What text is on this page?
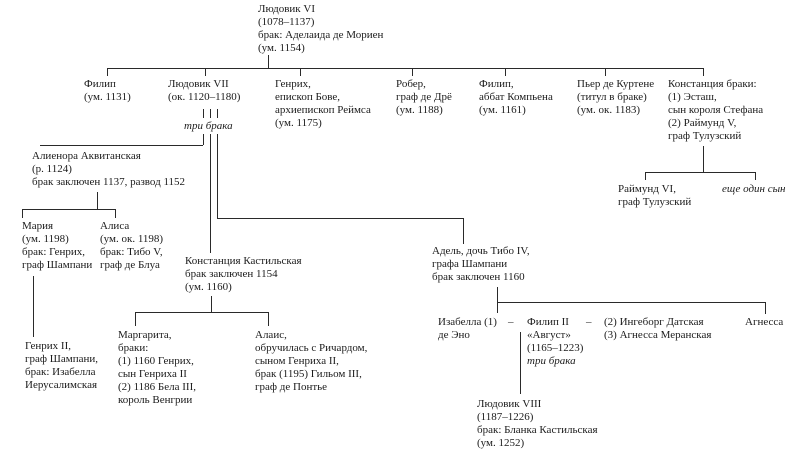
Людовик VI
(1078–1137)
брак: Аделаида де Мориен
(ум. 1154)
Филип
(ум. 1131)
Людовик VII
(ок. 1120–1180)
три брака
Генрих,
епископ Бове,
архиепископ Реймса
(ум. 1175)
Робер,
граф де Дрё
(ум. 1188)
Филип,
аббат Компьена
(ум. 1161)
Пьер де Куртене
(титул в браке)
(ум. ок. 1183)
Констанция браки:
(1) Эсташ,
сын короля Стефана
(2) Раймунд V,
граф Тулузский
Раймунд VI,
граф Тулузский
еще один сын
Алиенора Аквитанская
(р. 1124)
брак заключен 1137, развод 1152
Мария
(ум. 1198)
брак: Генрих,
граф Шампани
Алиса
(ум. ок. 1198)
брак: Тибо V,
граф де Блуа
Генрих II,
граф Шампани,
брак: Изабелла
Иерусалимская
Констанция Кастильская
брак заключен 1154
(ум. 1160)
Маргарита,
браки:
(1) 1160 Генрих,
сын Генриха II
(2) 1186 Бела III,
король Венгрии
Алаис,
обручилась с Ричардом,
сыном Генриха II,
брак (1195) Гильом III,
граф де Понтье
Адель, дочь Тибо IV,
графа Шампани
брак заключен 1160
Изабелла (1)
де Эно
– Филип II
«Август»
(1165–1223)
три брака
– (2) Ингеборг Датская
(3) Агнесса Меранская
Агнесса
Людовик VIII
(1187–1226)
брак: Бланка Кастильская
(ум. 1252)
